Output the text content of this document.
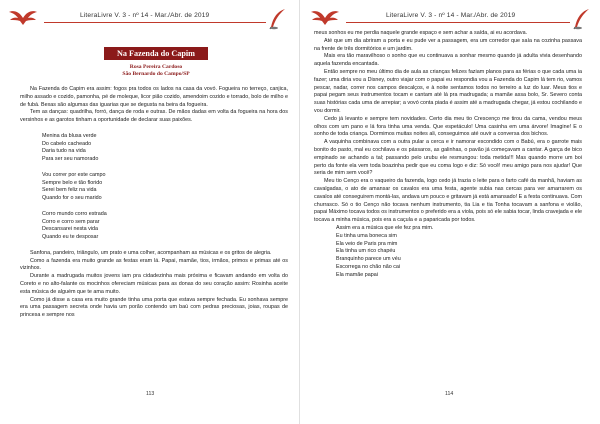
LiteraLivre V. 3 - nº 14 - Mar./Abr. de 2019
Na Fazenda do Capim
Rosa Pereira Cardoso
São Bernardo do Campo/SP

Na Fazenda do Capim era assim: fogos pra todos os lados na casa da vovó. Fogueira no terreço, canjica, milho assado e cozido, pamonha, pé de moleque, licor pião cozido, amendoim cozido e torrado, bolo de milho e de fubá. Bexas são algumas das iguarias que se degusta na beira da fogueira.

Tem as danças: quadrilha, forró, dança de roda e outras. De mãos dadas em volta da fogueira na hora dos versinhos e as garotos tinham a oportunidade de declarar suas paixões.

Menina da blusa verde
Do cabelo cacheado
Daria tudo na vida
Para ser seu namorado
Vou correr por este campo
Sempre belo e tão florido
Serei bem feliz na vida
Quando for o seu marido
Corro mundo corro estrada
Corro e corro sem parar
Descansarei nesta vida
Quando eu te desposar

Sanfona, pandeiro, triângulo, um prato e uma colher, acompanham as músicas e os gritos de alegria.

Como a fazenda era muito grande as festas eram lá. Papai, mamãe, tios, irmãos, primos e primas até os vizinhos.

Durante a madrugada muitos jovens iam pra cidadezinha mais próxima e ficavam andando em volta do Coreto e no alto-falante os mocinhos ofereciam músicas para as donas do seu coração assim: Rosinha aceite esta música de alguém que te ama muito.

Como já disse a casa era muito grande tinha uma porta que estava sempre fechada. Eu sonhava sempre era uma passagem secreta onde havia um porão contendo um baú com pedras preciosas, joias, roupas de princesa e sempre nos

113
LiteraLivre V. 3 - nº 14 - Mar./Abr. de 2019

meus sonhos eu me perdia naquele grande espaço e sem achar a saída, ai eu acordava.

Até que um dia abriram a porta e eu pude ver a passagem, era um corredor que saía na cozinha passava na frente de três dormitórios e um jardim.

Mais era tão maravilhoso o sonho que eu continuava a sonhar mesmo quando já adulta vivia desenhando aquela fazenda encantada.

Então sempre no meu último dia de aula as crianças felizes faziam planos para as férias o que cada uma ia fazer; uma diria vou a Disney, outro viajar com o papai eu respondia vou a Fazenda do Capim lá tem rio, vamos pescar, nadar, correr nos campos descalços, e à noite sentamos todos no terreiro a luz do luar. Meus tios e papai pegam seus instrumentos tocam e cantam até lá pra madrugada; a mamãe assa bolo, Sr. Severo conta suas histórias cada uma de arrepiar; a vovó conta piada é assim até a madrugada chegar, já estou cochilando e vou dormir.

Cedo já levanto e sempre tem novidades. Certo dia meu tio Crescenço me tirou da cama, vendou meus olhos com um pano e lá fora tinha uma venda. Que espetáculo! Uma casinha em uma árvore! Imagine! E o sonho de toda criança. Dormimos muitas noites ali, conseguimos até ouvir a conversa dos bichos.

A vaquinha combinava com a outra pular a cerca e ir namorar escondido com o Babú, era o garrote mais bonito do pasto, mal eu cochilava e os pássaros, as galinhas, o pavão já começavam a cantar. A garça de bico empinado se achando a tal; passando pelo urubu ele resmungou: toda metida!!! Mas quando morre um boi perto da fonte ela vem toda boazinha pedir que eu coma logo e diz: Só você! meu amigo para nos ajudar! Que seria de mim sem você?

Meu tio Cenço era o vaqueiro da fazenda, logo cedo já trazia o leite para o farto café da manhã, haviam as cavalgadas, o ato de amansar os cavalos era uma festa, agente subia nas cercas para ver amarrarem os cavalos até conseguirem montá-las, andava um pouco e gritavam já está amansado! E a festa continuava. Com churrasco. Só o tio Cenço não tocava nenhum instrumento, tia Lia e tia Tonha tocavam a sanfona e violão, papai Máximo tocava todos os instrumentos o preferido era a viola, pois só ele sabia tocar, linda cravejada e ele tocava a minha música, pois era a caçula e a paparicada por todos.

Assim era a música que ele fez pra mim.
Eu tinha uma boneca sim
Ela veio de Paris pra mim
Ela tinha um rico chapéu
Branquinho parece um véu
Escorrega no chão não cai
Ela mamãe papai
114
